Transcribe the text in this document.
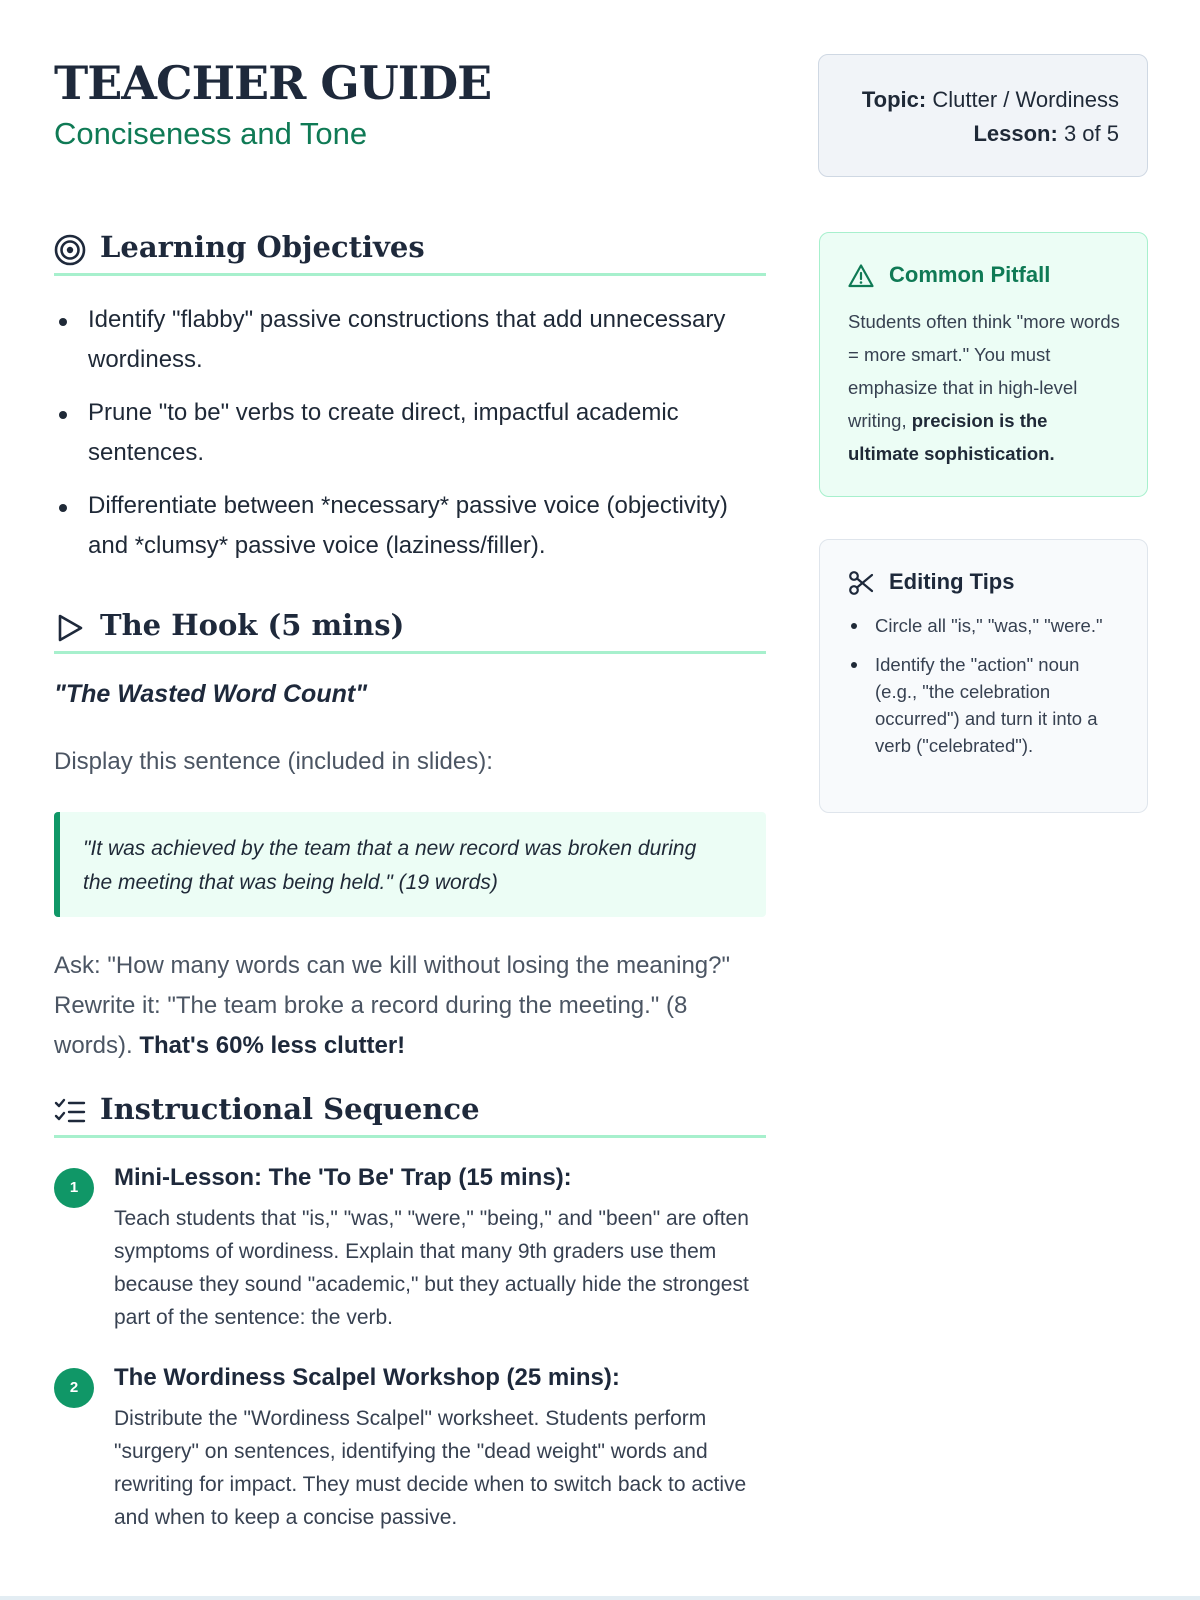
TEACHER GUIDE
Conciseness and Tone
Topic: Clutter / Wordiness
Lesson: 3 of 5
Learning Objectives
Identify "flabby" passive constructions that add unnecessary wordiness.
Prune "to be" verbs to create direct, impactful academic sentences.
Differentiate between *necessary* passive voice (objectivity) and *clumsy* passive voice (laziness/filler).
The Hook (5 mins)
"The Wasted Word Count"
Display this sentence (included in slides):
"It was achieved by the team that a new record was broken during the meeting that was being held." (19 words)

Ask: "How many words can we kill without losing the meaning?" Rewrite it: "The team broke a record during the meeting." (8 words). That's 60% less clutter!

Instructional Sequence
1	Mini-Lesson: The 'To Be' Trap (15 mins):
Teach students that "is," "was," "were," "being," and "been" are often symptoms of wordiness. Explain that many 9th graders use them because they sound "academic," but they actually hide the strongest part of the sentence: the verb.
2	The Wordiness Scalpel Workshop (25 mins):
Distribute the "Wordiness Scalpel" worksheet. Students perform "surgery" on sentences, identifying the "dead weight" words and rewriting for impact. They must decide when to switch back to active and when to keep a concise passive.
Common Pitfall

Students often think "more words = more smart." You must emphasize that in high-level writing, precision is the ultimate sophistication.

Editing Tips
Circle all "is," "was," "were."
Identify the "action" noun (e.g., "the celebration occurred") and turn it into a verb ("celebrated").
